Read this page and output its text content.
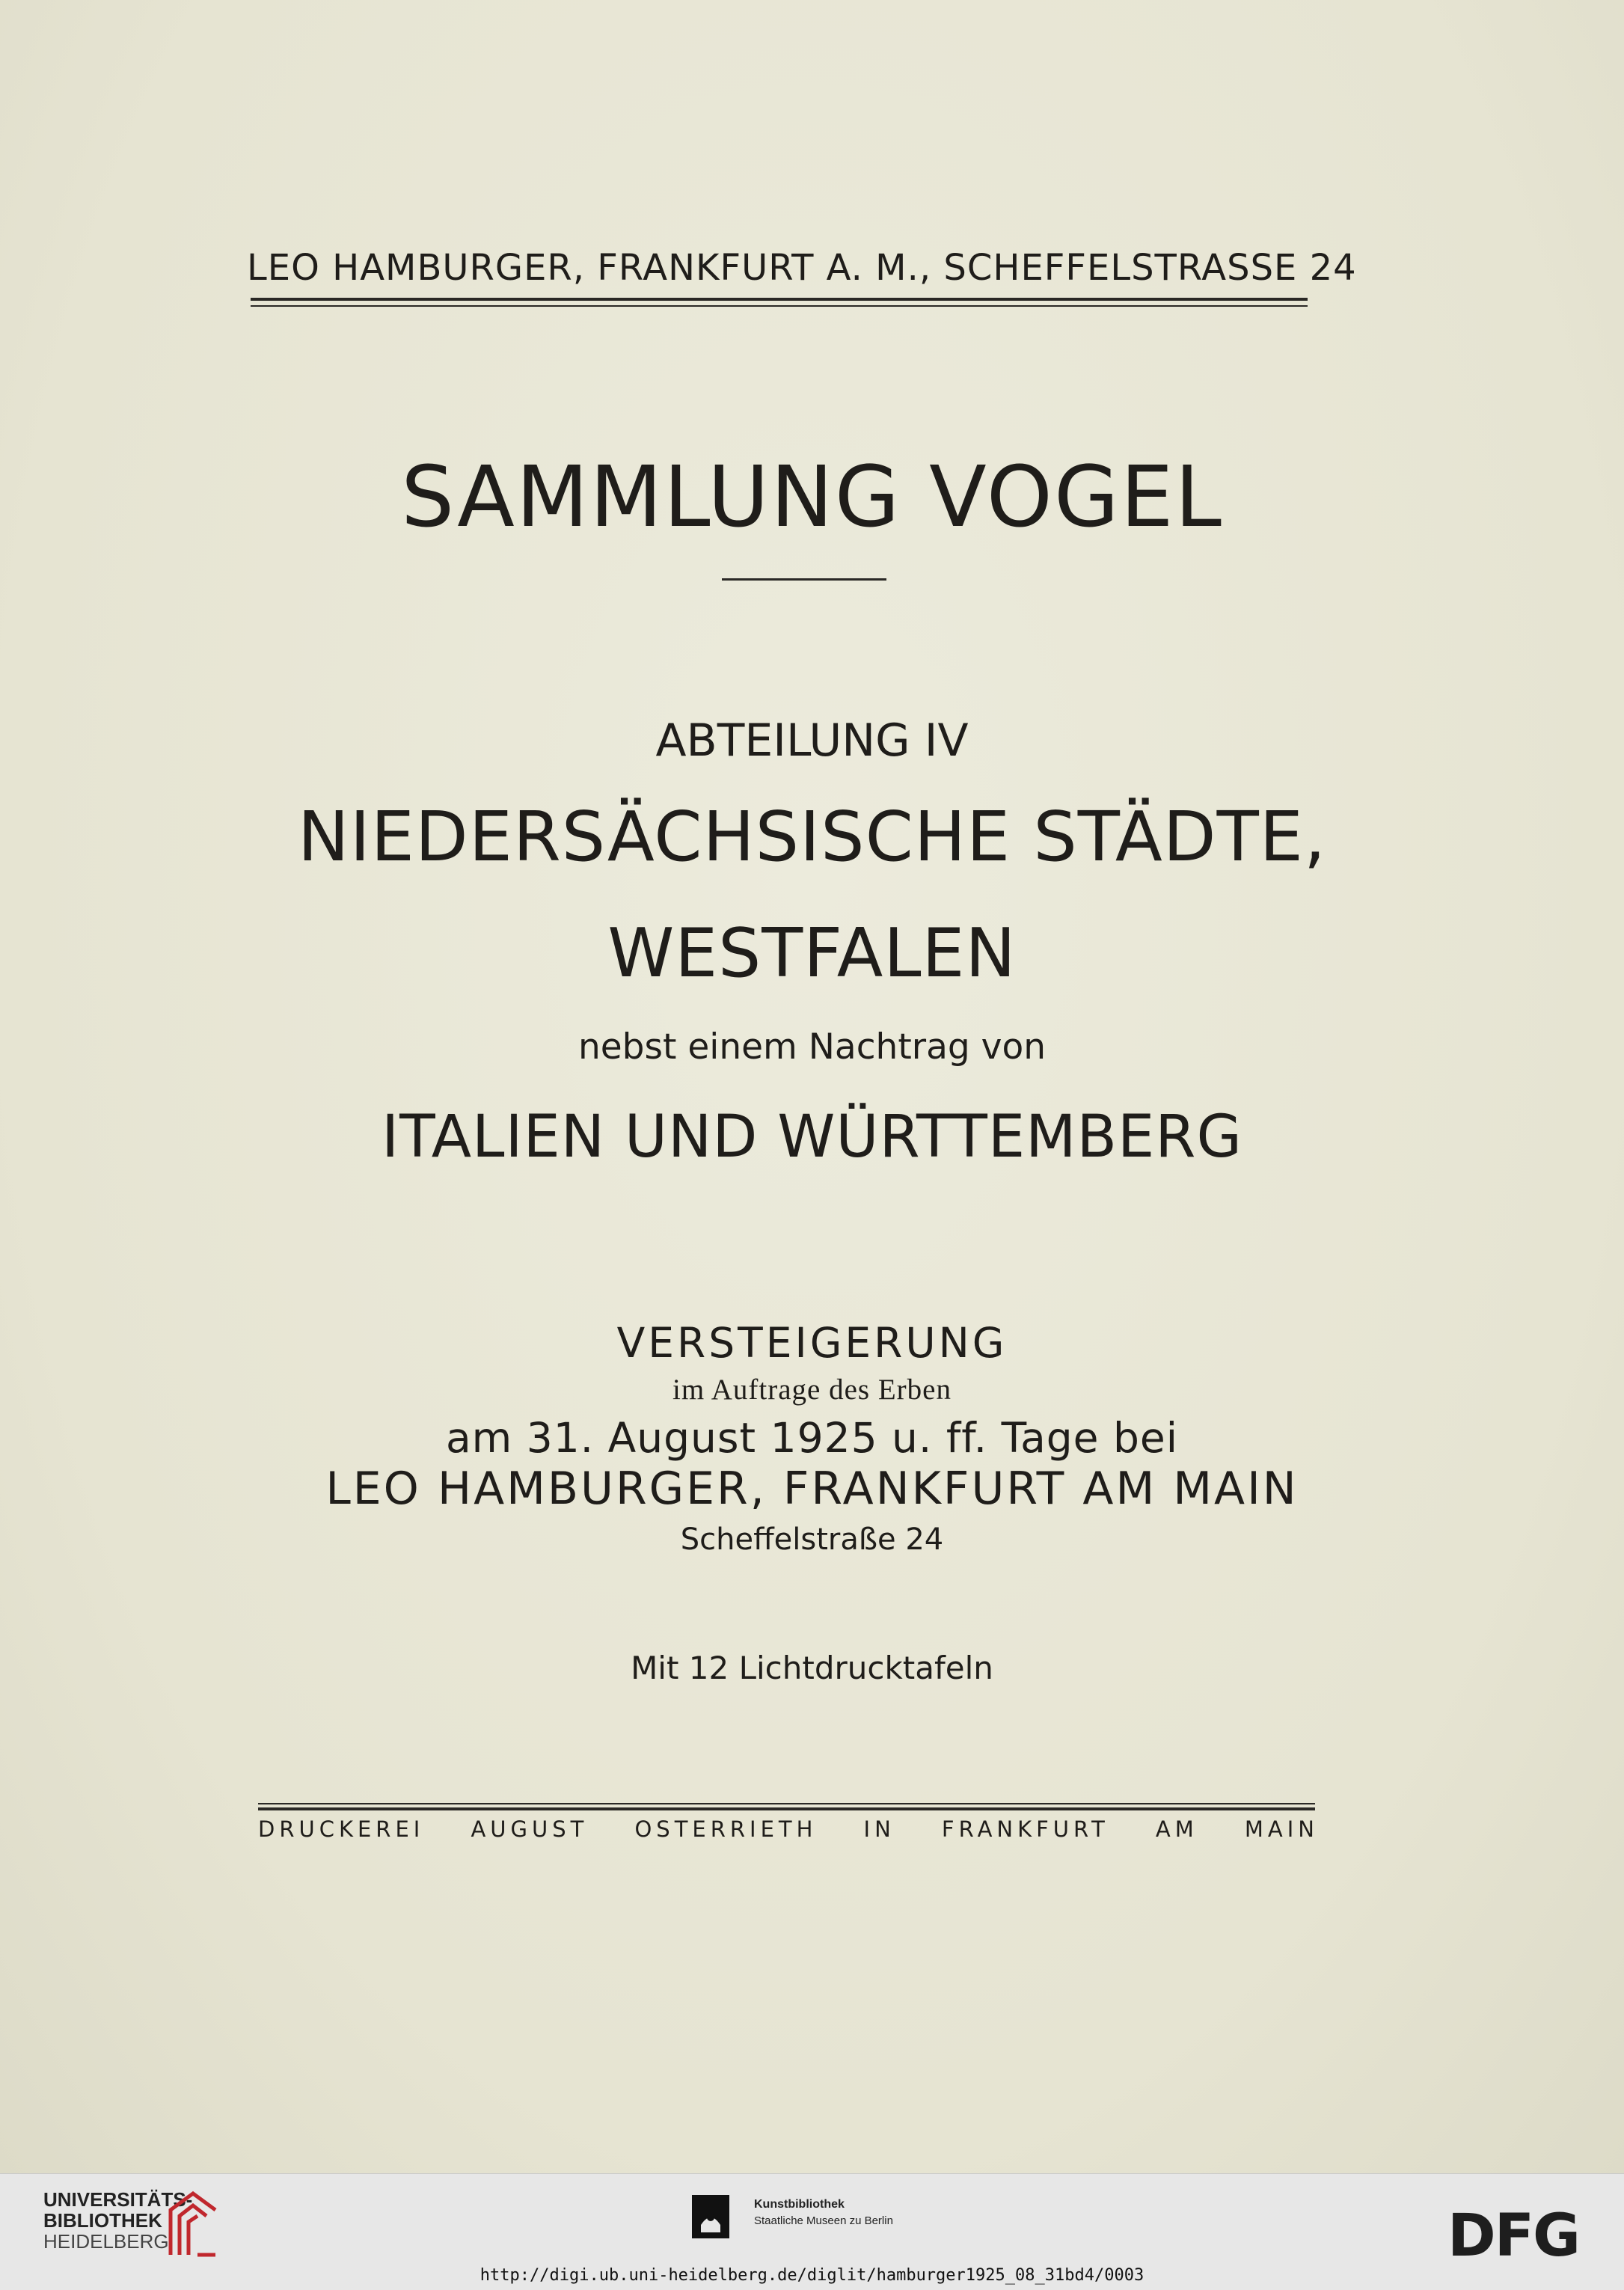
LEO HAMBURGER, FRANKFURT A. M., SCHEFFELSTRASSE 24
SAMMLUNG VOGEL
ABTEILUNG IV
NIEDERSÄCHSISCHE STÄDTE,
WESTFALEN
nebst einem Nachtrag von
ITALIEN UND WÜRTTEMBERG
VERSTEIGERUNG
im Auftrage des Erben
am 31. August 1925 u. ff. Tage bei
LEO HAMBURGER, FRANKFURT AM MAIN
Scheffelstraße 24
Mit 12 Lichtdrucktafeln
DRUCKEREI AUGUST OSTERRIETH IN FRANKFURT AM MAIN
UNIVERSITÄTS-
BIBLIOTHEK
HEIDELBERG
Kunstbibliothek
Staatliche Museen zu Berlin	DFG
http://digi.ub.uni-heidelberg.de/diglit/hamburger1925_08_31bd4/0003
